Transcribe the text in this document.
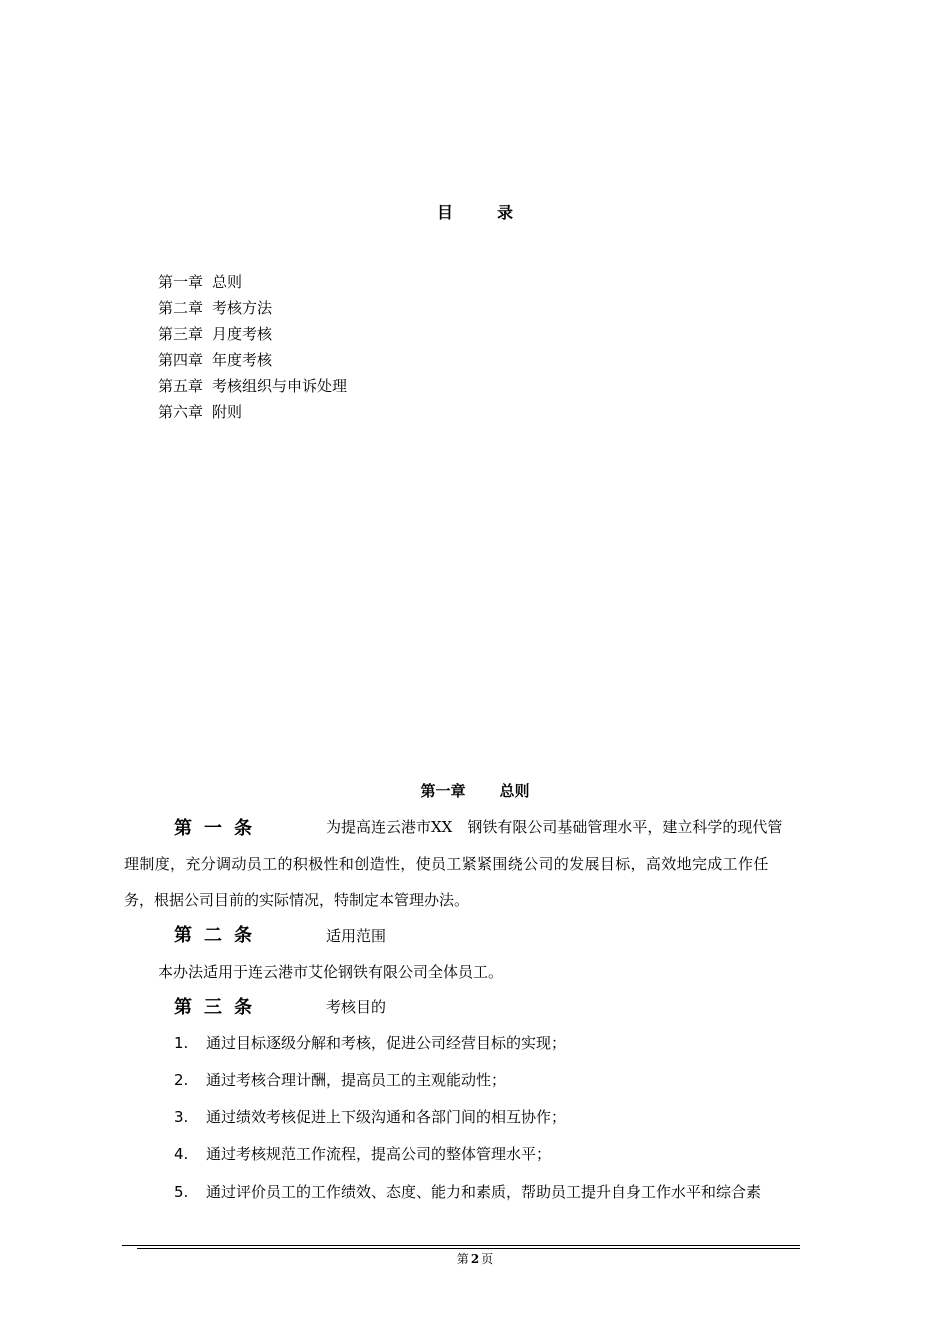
目	录
第一章 总则
第二章 考核方法
第三章 月度考核
第四章 年度考核
第五章 考核组织与申诉处理
第六章 附则
第一章 总则
第一条	为提高连云港市XX　钢铁有限公司基础管理水平，建立科学的现代管
理制度，充分调动员工的积极性和创造性，使员工紧紧围绕公司的发展目标，高效地完成工作任
务，根据公司目前的实际情况，特制定本管理办法。
第二条	适用范围
本办法适用于连云港市艾伦钢铁有限公司全体员工。
第三条	考核目的
1. 通过目标逐级分解和考核，促进公司经营目标的实现；
2. 通过考核合理计酬，提高员工的主观能动性；
3. 通过绩效考核促进上下级沟通和各部门间的相互协作；
4. 通过考核规范工作流程，提高公司的整体管理水平；
5. 通过评价员工的工作绩效、态度、能力和素质，帮助员工提升自身工作水平和综合素
第 2 页
